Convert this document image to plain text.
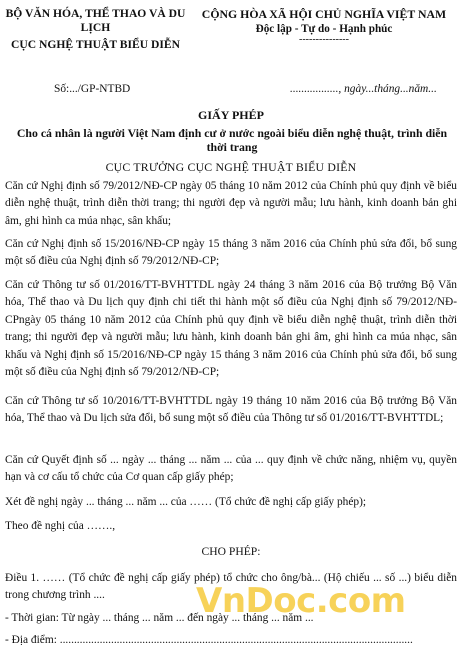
BỘ VĂN HÓA, THỂ THAO VÀ DU LỊCH
CỤC NGHỆ THUẬT BIỂU DIỄN
CỘNG HÒA XÃ HỘI CHỦ NGHĨA VIỆT NAM
Độc lập - Tự do - Hạnh phúc
---------------
Số:.../GP-NTBD	................., ngày...tháng...năm...
GIẤY PHÉP
Cho cá nhân là người Việt Nam định cư ở nước ngoài biểu diễn nghệ thuật, trình diễn thời trang
CỤC TRƯỞNG CỤC NGHỆ THUẬT BIỂU DIỄN
Căn cứ Nghị định số 79/2012/NĐ-CP ngày 05 tháng 10 năm 2012 của Chính phủ quy định về biểu diễn nghệ thuật, trình diễn thời trang; thi người đẹp và người mẫu; lưu hành, kinh doanh bản ghi âm, ghi hình ca múa nhạc, sân khấu;
Căn cứ Nghị định số 15/2016/NĐ-CP ngày 15 tháng 3 năm 2016 của Chính phủ sửa đổi, bổ sung một số điều của Nghị định số 79/2012/NĐ-CP;
Căn cứ Thông tư số 01/2016/TT-BVHTTDL ngày 24 tháng 3 năm 2016 của Bộ trưởng Bộ Văn hóa, Thể thao và Du lịch quy định chi tiết thi hành một số điều của Nghị định số 79/2012/NĐ-CPngày 05 tháng 10 năm 2012 của Chính phủ quy định về biểu diễn nghệ thuật, trình diễn thời trang; thi người đẹp và người mẫu; lưu hành, kinh doanh bản ghi âm, ghi hình ca múa nhạc, sân khấu và Nghị định số 15/2016/NĐ-CP ngày 15 tháng 3 năm 2016 của Chính phủ sửa đổi, bổ sung một số điều của Nghị định số 79/2012/NĐ-CP;
Căn cứ Thông tư số 10/2016/TT-BVHTTDL ngày 19 tháng 10 năm 2016 của Bộ trưởng Bộ Văn hóa, Thể thao và Du lịch sửa đổi, bổ sung một số điều của Thông tư số 01/2016/TT-BVHTTDL;
Căn cứ Quyết định số ... ngày ... tháng ... năm ... của ... quy định về chức năng, nhiệm vụ, quyền hạn và cơ cấu tổ chức của Cơ quan cấp giấy phép;
Xét đề nghị ngày ... tháng ... năm ... của …… (Tổ chức đề nghị cấp giấy phép);
Theo đề nghị của …….,
CHO PHÉP:
Điều 1. …… (Tổ chức đề nghị cấp giấy phép) tổ chức cho ông/bà... (Hộ chiếu ... số ...) biểu diễn trong chương trình ....
- Thời gian: Từ ngày ... tháng ... năm ... đến ngày ... tháng ... năm ...
- Địa điểm: ............................................................................................................................
VnDoc.com
